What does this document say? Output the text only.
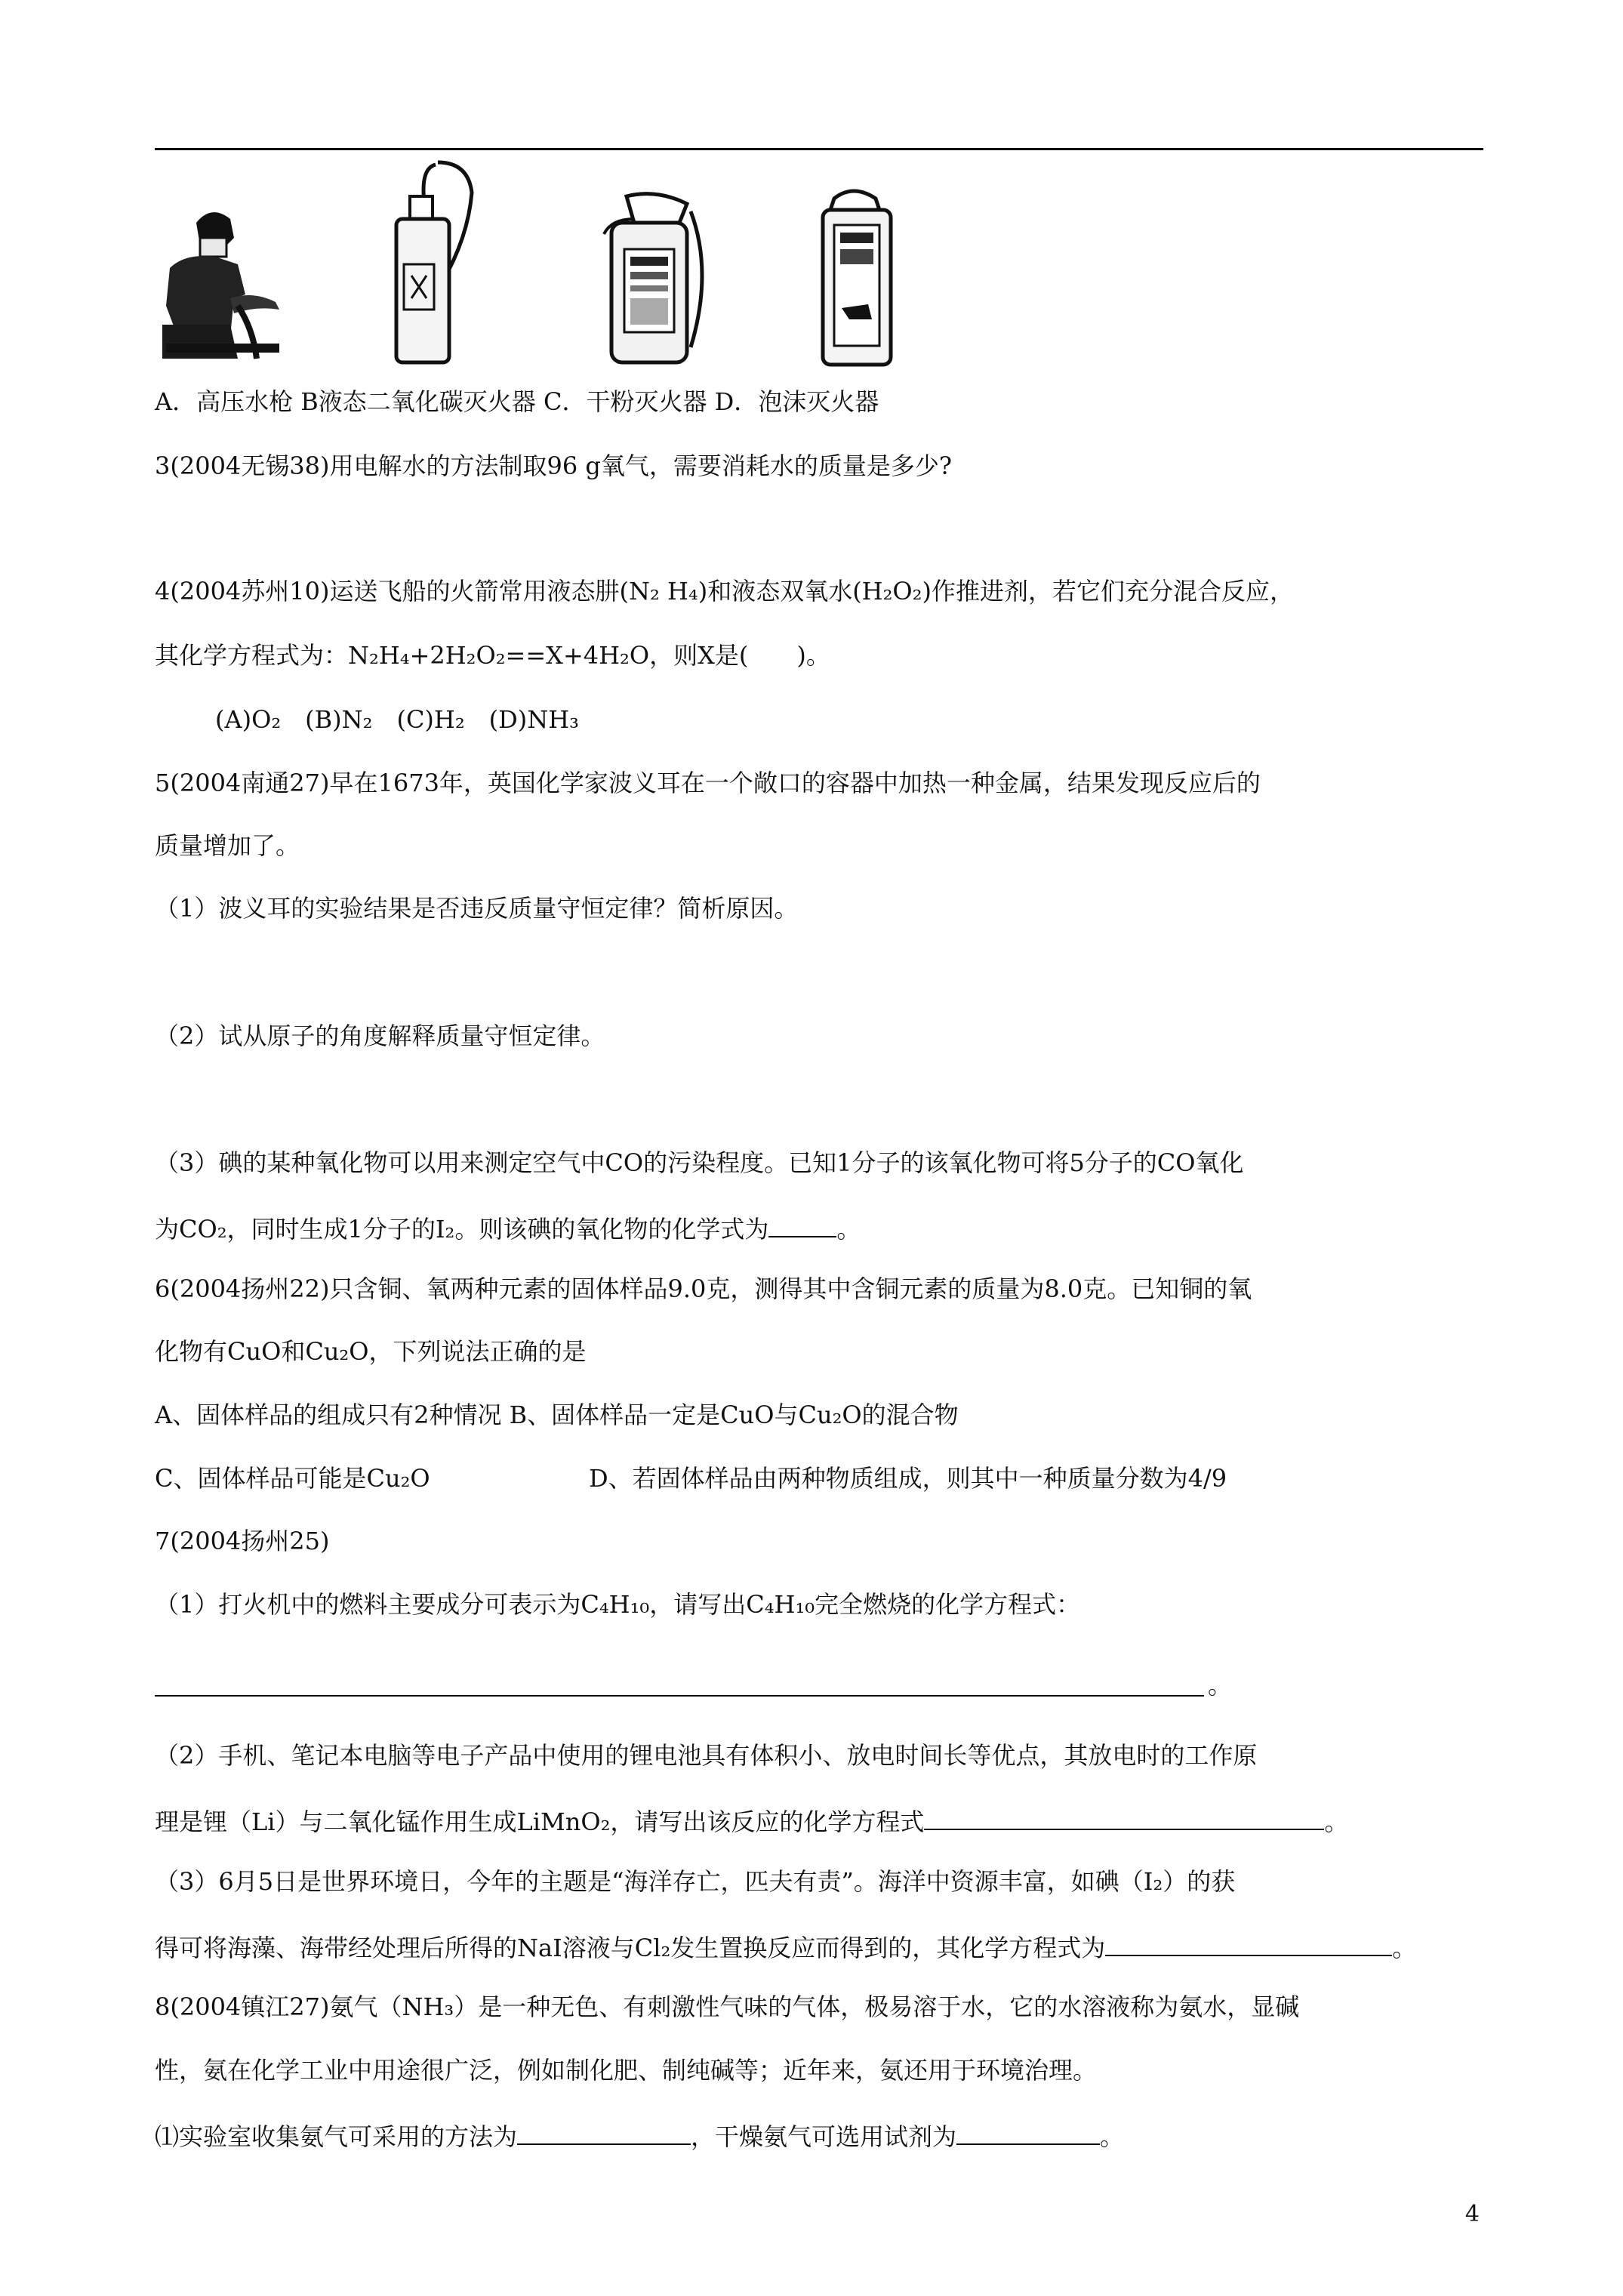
A．高压水枪 B液态二氧化碳灭火器 C．干粉灭火器 D．泡沫灭火器
3(2004无锡38)用电解水的方法制取96 g氧气，需要消耗水的质量是多少?
4(2004苏州10)运送飞船的火箭常用液态肼(N₂ H₄)和液态双氧水(H₂O₂)作推进剂，若它们充分混合反应，
其化学方程式为：N₂H₄+2H₂O₂==X+4H₂O，则X是(　　)。
(A)O₂　(B)N₂　(C)H₂　(D)NH₃
5(2004南通27)早在1673年，英国化学家波义耳在一个敞口的容器中加热一种金属，结果发现反应后的
质量增加了。
（1）波义耳的实验结果是否违反质量守恒定律？简析原因。
（2）试从原子的角度解释质量守恒定律。
（3）碘的某种氧化物可以用来测定空气中CO的污染程度。已知1分子的该氧化物可将5分子的CO氧化
为CO₂，同时生成1分子的I₂。则该碘的氧化物的化学式为	。
6(2004扬州22)只含铜、氧两种元素的固体样品9.0克，测得其中含铜元素的质量为8.0克。已知铜的氧
化物有CuO和Cu₂O，下列说法正确的是
A、固体样品的组成只有2种情况 B、固体样品一定是CuO与Cu₂O的混合物
C、固体样品可能是Cu₂O	D、若固体样品由两种物质组成，则其中一种质量分数为4/9
7(2004扬州25)
（1）打火机中的燃料主要成分可表示为C₄H₁₀，请写出C₄H₁₀完全燃烧的化学方程式：
。
（2）手机、笔记本电脑等电子产品中使用的锂电池具有体积小、放电时间长等优点，其放电时的工作原
理是锂（Li）与二氧化锰作用生成LiMnO₂，请写出该反应的化学方程式	。
（3）6月5日是世界环境日，今年的主题是“海洋存亡，匹夫有责”。海洋中资源丰富，如碘（I₂）的获
得可将海藻、海带经处理后所得的NaI溶液与Cl₂发生置换反应而得到的，其化学方程式为	。
8(2004镇江27)氨气（NH₃）是一种无色、有刺激性气味的气体，极易溶于水，它的水溶液称为氨水，显碱
性，氨在化学工业中用途很广泛，例如制化肥、制纯碱等；近年来，氨还用于环境治理。
⑴实验室收集氨气可采用的方法为	，干燥氨气可选用试剂为	。
4
